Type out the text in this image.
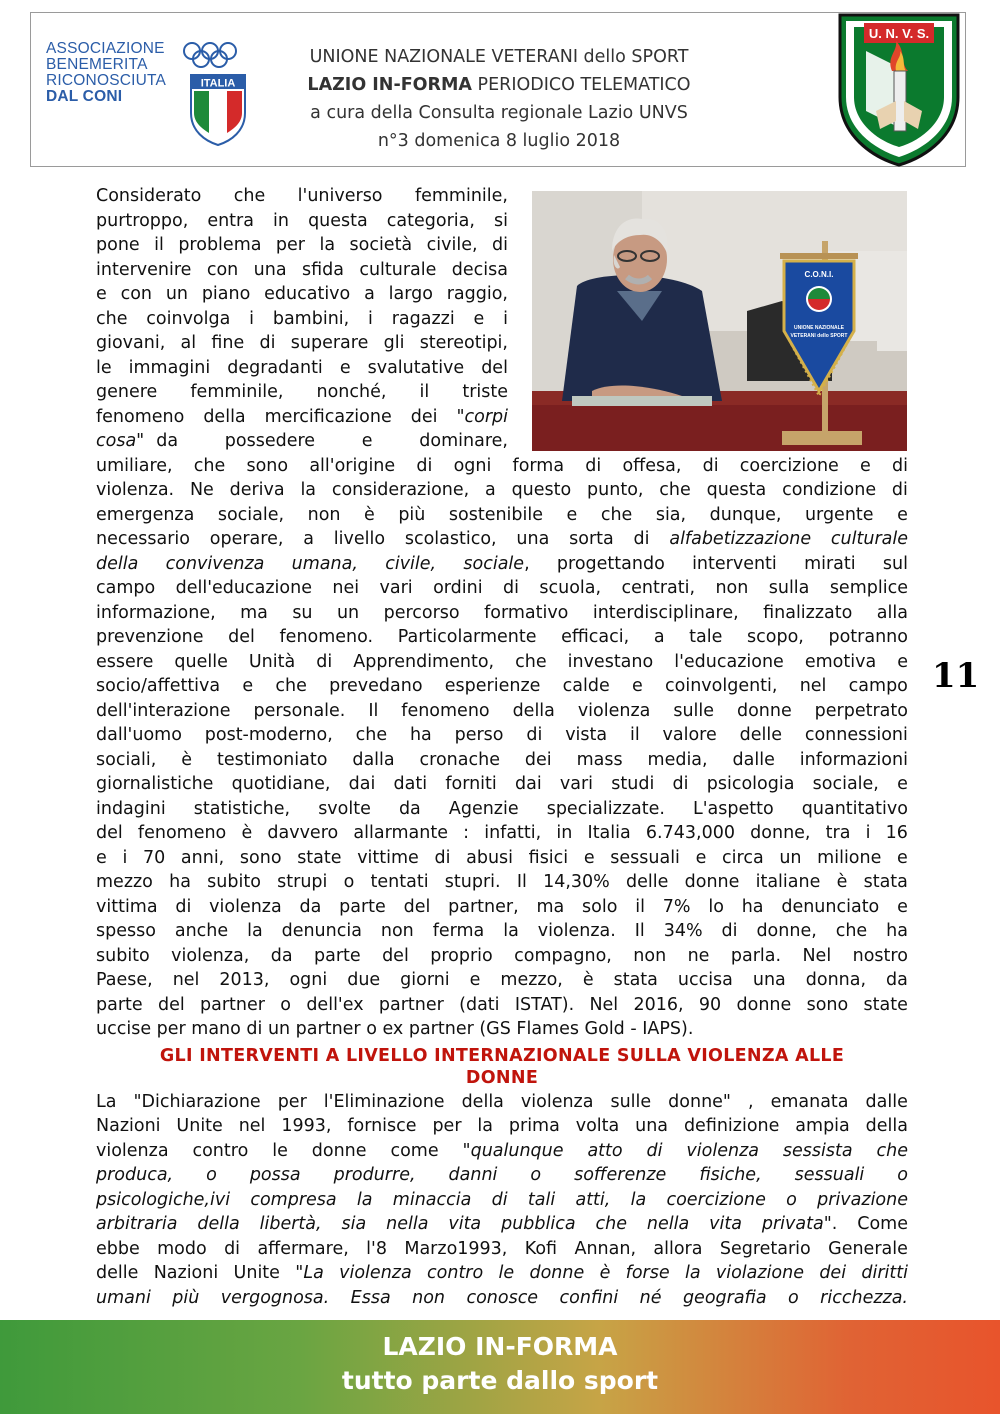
ASSOCIAZIONE
BENEMERITA
RICONOSCIUTA
DAL CONI
ITALIA
UNIONE NAZIONALE VETERANI dello SPORT
LAZIO IN-FORMA PERIODICO TELEMATICO
a cura della Consulta regionale Lazio UNVS
n°3 domenica 8 luglio 2018
U. N. V. S.
C.O.N.I.
UNIONE NAZIONALE
VETERANI dello SPORT
Considerato che l'universo femminile,
purtroppo, entra in questa categoria, si
pone il problema per la società civile, di
intervenire con una sfida culturale decisa
e con un piano educativo a largo raggio,
che coinvolga i bambini, i ragazzi e i
giovani, al fine di superare gli stereotipi,
le immagini degradanti e svalutative del
genere femminile, nonché, il triste
fenomeno della mercificazione dei "corpi
cosa" da possedere e dominare,
umiliare, che sono all'origine di ogni forma di offesa, di coercizione e di
violenza. Ne deriva la considerazione, a questo punto, che questa condizione di
emergenza sociale, non è più sostenibile e che sia, dunque, urgente e
necessario operare, a livello scolastico, una sorta di alfabetizzazione culturale
della convivenza umana, civile, sociale, progettando interventi mirati sul
campo dell'educazione nei vari ordini di scuola, centrati, non sulla semplice
informazione, ma su un percorso formativo interdisciplinare, finalizzato alla
prevenzione del fenomeno. Particolarmente efficaci, a tale scopo, potranno
essere quelle Unità di Apprendimento, che investano l'educazione emotiva e
socio/affettiva e che prevedano esperienze calde e coinvolgenti, nel campo
dell'interazione personale. Il fenomeno della violenza sulle donne perpetrato
dall'uomo post-moderno, che ha perso di vista il valore delle connessioni
sociali, è testimoniato dalla cronache dei mass media, dalle informazioni
giornalistiche quotidiane, dai dati forniti dai vari studi di psicologia sociale, e
indagini statistiche, svolte da Agenzie specializzate. L'aspetto quantitativo
del fenomeno è davvero allarmante : infatti, in Italia 6.743,000 donne, tra i 16
e i 70 anni, sono state vittime di abusi fisici e sessuali e circa un milione e
mezzo ha subito strupi o tentati stupri. Il 14,30% delle donne italiane è stata
vittima di violenza da parte del partner, ma solo il 7% lo ha denunciato e
spesso anche la denuncia non ferma la violenza. Il 34% di donne, che ha
subito violenza, da parte del proprio compagno, non ne parla. Nel nostro
Paese, nel 2013, ogni due giorni e mezzo, è stata uccisa una donna, da
parte del partner o dell'ex partner (dati ISTAT). Nel 2016, 90 donne sono state
uccise per mano di un partner o ex partner (GS Flames Gold - IAPS).
GLI INTERVENTI A LIVELLO INTERNAZIONALE SULLA VIOLENZA ALLE
DONNE
La "Dichiarazione per l'Eliminazione della violenza sulle donne" , emanata dalle
Nazioni Unite nel 1993, fornisce per la prima volta una definizione ampia della
violenza contro le donne come "qualunque atto di violenza sessista che
produca, o possa produrre, danni o sofferenze fisiche, sessuali o
psicologiche,ivi compresa la minaccia di tali atti, la coercizione o privazione
arbitraria della libertà, sia nella vita pubblica che nella vita privata". Come
ebbe modo di affermare, l'8 Marzo1993, Kofi Annan, allora Segretario Generale
delle Nazioni Unite "La violenza contro le donne è forse la violazione dei diritti
umani più vergognosa. Essa non conosce confini né geografia o ricchezza.
11
LAZIO IN-FORMA
tutto parte dallo sport
